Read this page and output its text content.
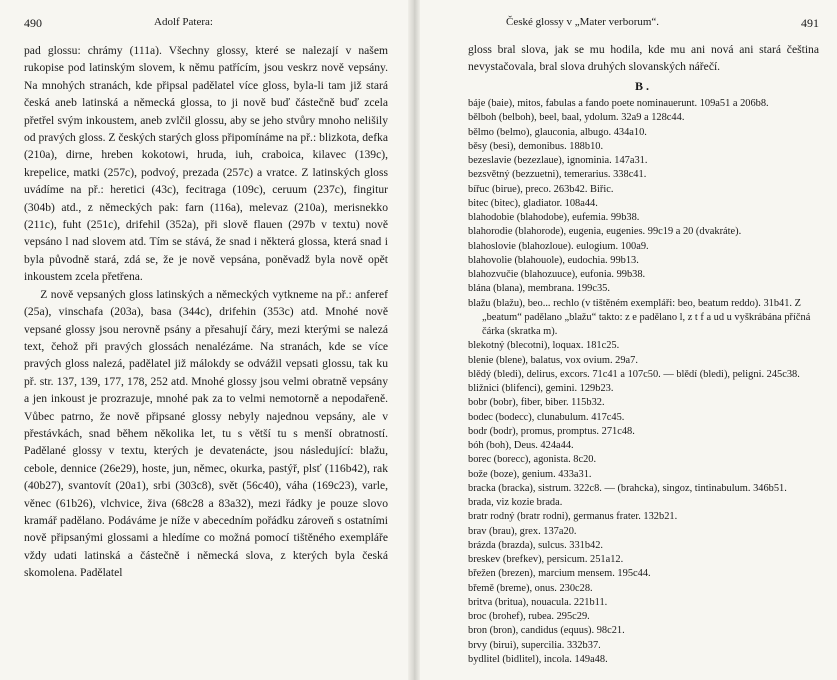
490	Adolf Patera:

pad glossu: chrámy (111a). Všechny glossy, které se nalezají v našem rukopise pod latinským slovem, k němu patřícím, jsou veskrz nově vepsány. Na mnohých stranách, kde připsal padělatel více gloss, byla-li tam již stará česká aneb latinská a německá glossa, to ji nově buď částečně buď zcela přetřel svým inkoustem, aneb zvlčil glossu, aby se jeho stvůry mnoho nelišily od pravých gloss. Z českých starých gloss připomínáme na př.: blizkota, defka (210a), dirne, hreben kokotowi, hruda, iuh, craboica, kilavec (139c), krepelice, matki (257c), podvoý, prezada (257c) a vratce. Z latinských gloss uvádíme na př.: heretici (43c), fecitraga (109c), ceruum (237c), fingitur (304b) atd., z německých pak: farn (116a), melevaz (210a), merisnekko (211c), fuht (251c), drifehil (352a), při slově flauen (297b v textu) nově vepsáno l nad slovem atd. Tím se stává, že snad i některá glossa, která snad i byla původně stará, zdá se, že je nově vepsána, poněvadž byla nově opět inkoustem zcela přetřena.

Z nově vepsaných gloss latinských a německých vytkneme na př.: anferef (25a), vinschafa (203a), basa (344c), drifehin (353c) atd. Mnohé nově vepsané glossy jsou nerovně psány a přesahují čáry, mezi kterými se nalezá text, čehož při pravých glossách nenalézáme. Na stranách, kde se více pravých gloss nalezá, padělatel již málokdy se odvážil vepsati glossu, tak ku př. str. 137, 139, 177, 178, 252 atd. Mnohé glossy jsou velmi obratně vepsány a jen inkoust je prozrazuje, mnohé pak za to velmi nemotorně a nepodařeně. Vůbec patrno, že nově připsané glossy nebyly najednou vepsány, ale v přestávkách, snad během několika let, tu s větší tu s menší obratností. Padělané glossy v textu, kterých je devatenácte, jsou následující: blažu, cebole, dennice (26e29), hoste, jun, němec, okurka, pastýř, plsť (116b42), rak (40b27), svantovít (20a1), srbi (303c8), svět (56c40), váha (169c23), varle, věnec (61b26), vlchvice, živa (68c28 a 83a32), mezi řádky je pouze slovo kramář padělano. Podáváme je níže v abecedním pořádku zároveň s ostatními nově připsanými glossami a hledíme co možná pomocí tištěného exempláře vždy udati latinská a částečně i německá slova, z kterých byla česká skomolena. Padělatel

České glossy v „Mater verborum“.	491
gloss bral slova, jak se mu hodila, kde mu ani nová ani stará čeština nevystačovala, bral slova druhých slovanských nářečí.
B.
báje (baie), mitos, fabulas a fando poete nominauerunt. 109a51 a 206b8.
bělboh (belboh), beel, baal, ydolum. 32a9 a 128c44.
bělmo (belmo), glauconia, albugo. 434a10.
běsy (besi), demonibus. 188b10.
bezeslavie (bezezlaue), ignominia. 147a31.
bezsvětný (bezzuetni), temerarius. 338c41.
bířuc (birue), preco. 263b42. Biřic.
bitec (bitec), gladiator. 108a44.
blahodobie (blahodobe), eufemia. 99b38.
blahorodie (blahorode), eugenia, eugenies. 99c19 a 20 (dvakráte).
blahoslovie (blahozloue). eulogium. 100a9.
blahovolie (blahouole), eudochia. 99b13.
blahozvučie (blahozuuce), eufonia. 99b38.
blána (blana), membrana. 199c35.
blažu (blažu), beo... rechlo (v tištěném exempláři: beo, beatum reddo). 31b41. Z „beatum“ padělano „blažu“ takto: z e padělano l, z t f a ud u vyškrábána příčná čárka (skratka m).
blekotný (blecotni), loquax. 181c25.
blenie (blene), balatus, vox ovium. 29a7.
blědý (bledi), delirus, excors. 71c41 a 107c50. — blědí (bledi), peligni. 245c38.
bližnici (blifenci), gemini. 129b23.
bobr (bobr), fiber, biber. 115b32.
bodec (bodecc), clunabulum. 417c45.
bodr (bodr), promus, promptus. 271c48.
bóh (boh), Deus. 424a44.
borec (borecc), agonista. 8c20.
bože (boze), genium. 433a31.
bracka (bracka), sistrum. 322c8. — (brahcka), singoz, tintinabulum. 346b51.
brada, viz kozie brada.
bratr rodný (bratr rodni), germanus frater. 132b21.
brav (brau), grex. 137a20.
brázda (brazda), sulcus. 331b42.
breskev (brefkev), persicum. 251a12.
břežen (brezen), marcium mensem. 195c44.
břemě (breme), onus. 230c28.
britva (britua), nouacula. 221b11.
broc (brohef), rubea. 295c29.
bron (bron), candidus (equus). 98c21.
brvy (birui), supercilia. 332b37.
bydlitel (bidlitel), incola. 149a48.
